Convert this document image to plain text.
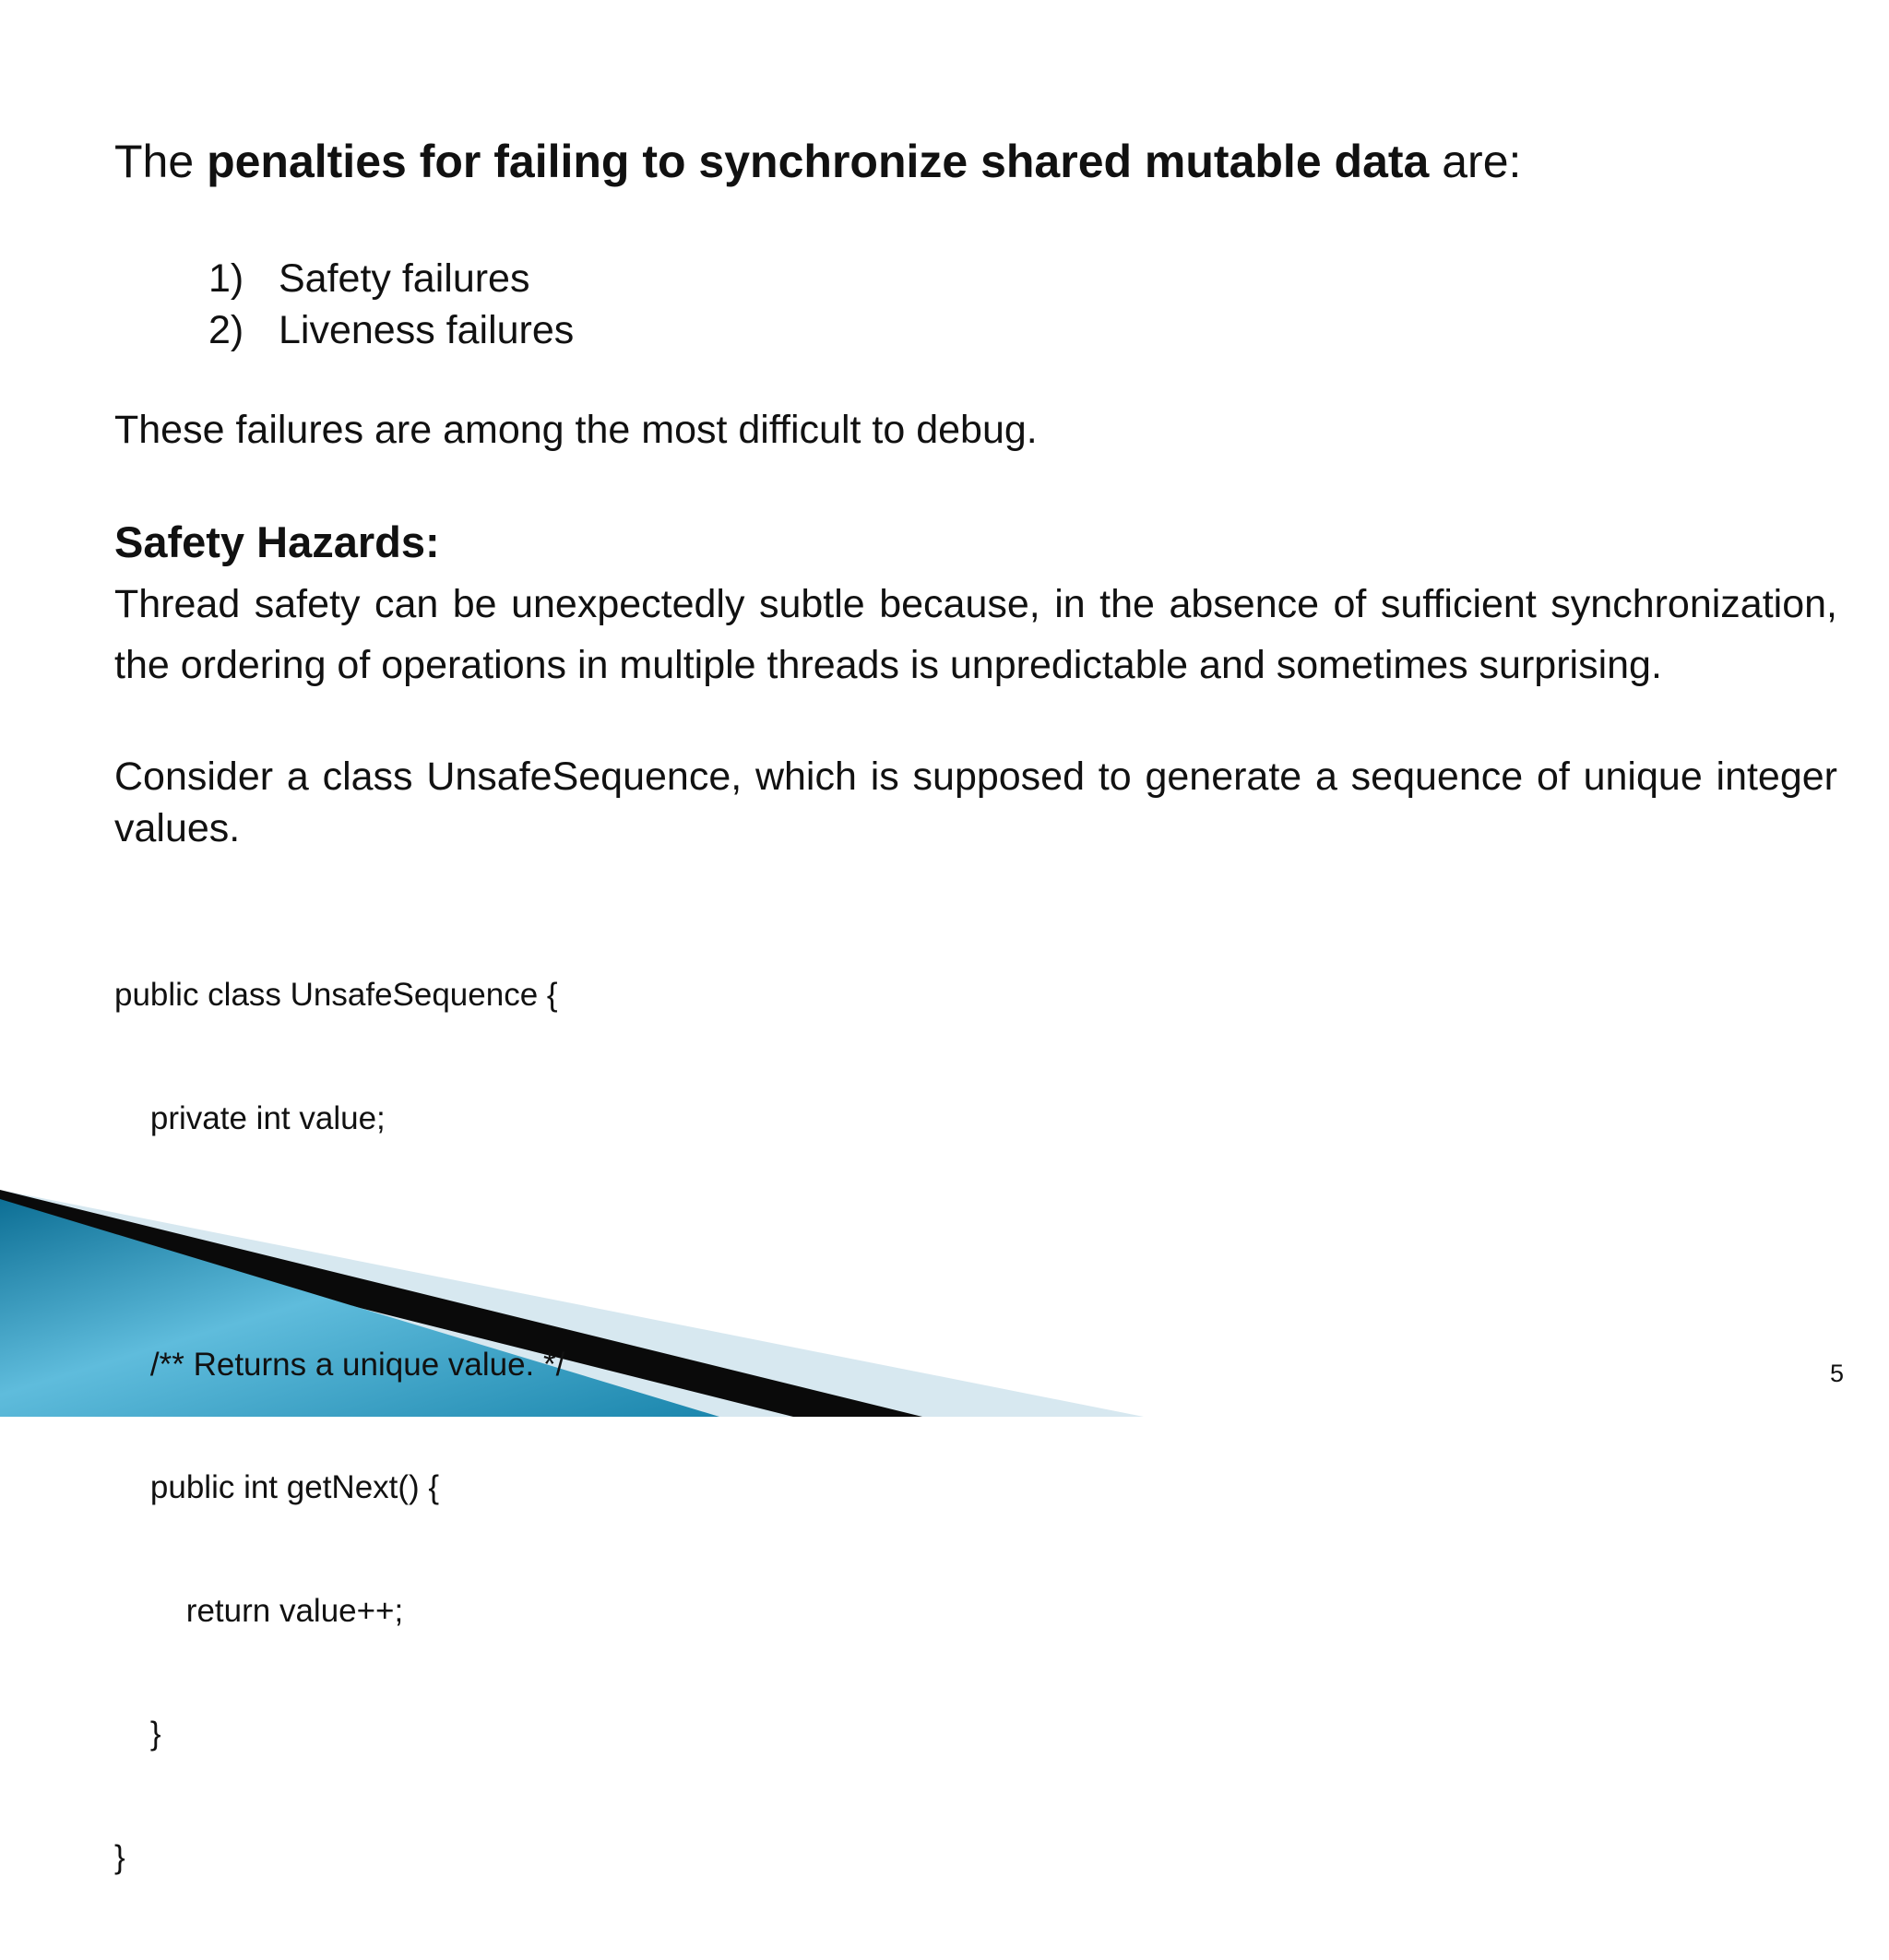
The penalties for failing to synchronize shared mutable data are:
1) Safety failures
2) Liveness failures
These failures are among the most difficult to debug.
Safety Hazards:

Thread safety can be unexpectedly subtle because, in the absence of sufficient synchronization, the ordering of operations in multiple threads is unpredictable and sometimes surprising.

Consider a class UnsafeSequence, which is supposed to generate a sequence of unique integer values.

public class UnsafeSequence {

private int value;

/** Returns a unique value. */

public int getNext() {

return value++;

}

}

5
